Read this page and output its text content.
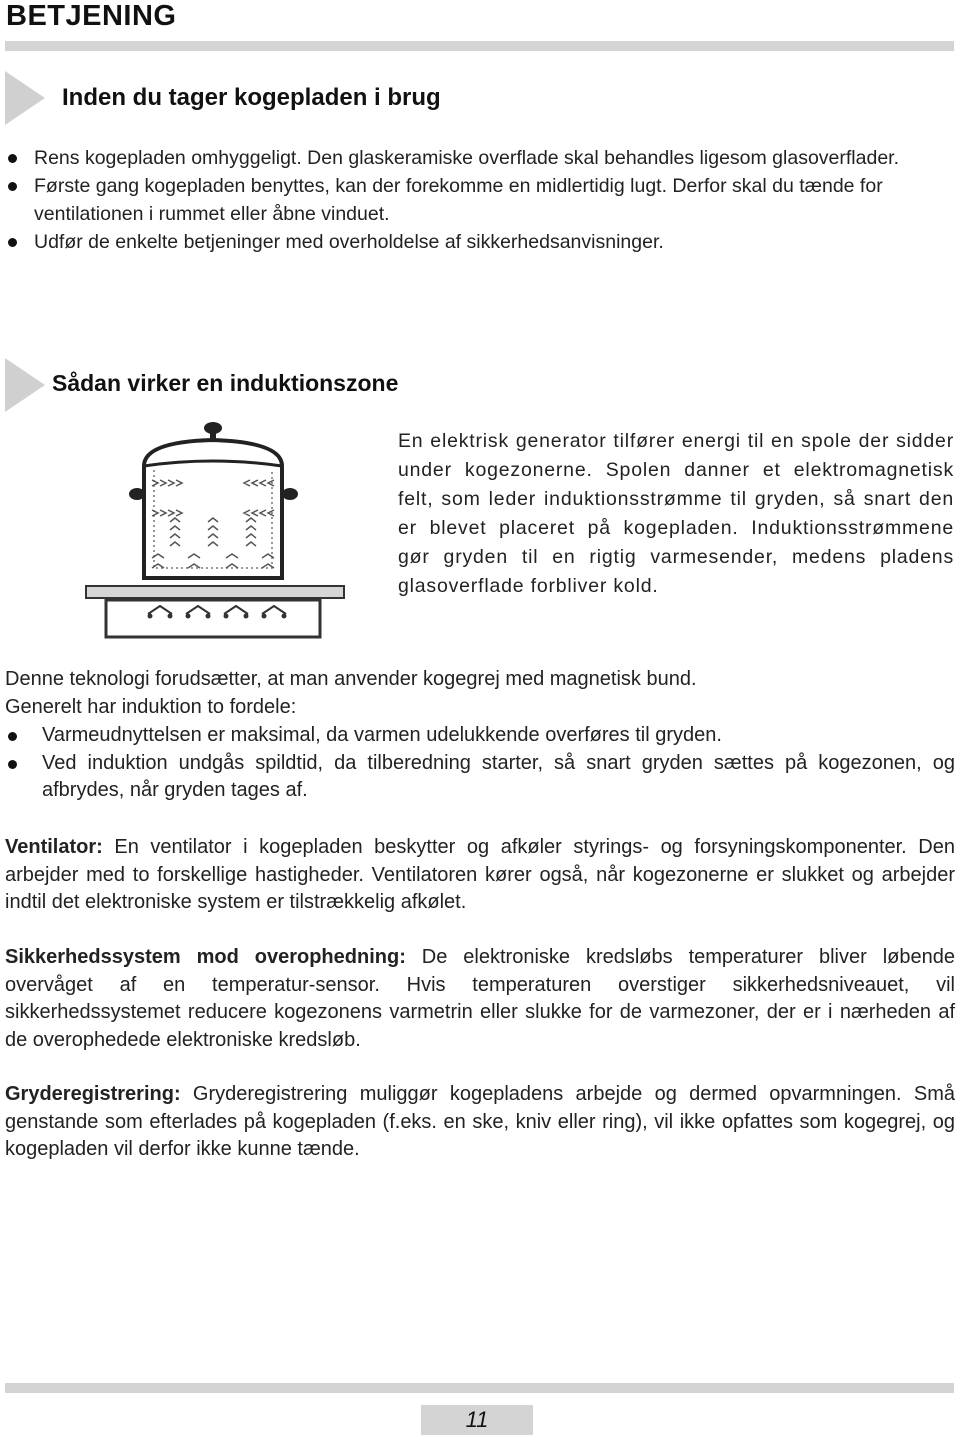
BETJENING
Inden du tager kogepladen i brug
Rens kogepladen omhyggeligt. Den glaskeramiske overflade skal behandles ligesom glasoverflader.
Første gang kogepladen benyttes, kan der forekomme en midlertidig lugt. Derfor skal du tænde for ventilationen i rummet eller åbne vinduet.
Udfør de enkelte betjeninger med overholdelse af sikkerhedsanvisninger.
Sådan virker en induktionszone
En elektrisk generator tilfører energi til en spole der sidder under kogezonerne. Spolen danner et elektromagnetisk felt, som leder induktionsstrømme til gryden, så snart den er blevet placeret på kogepladen. Induktionsstrømmene gør gryden til en rigtig varmesender, medens pladens glasoverflade forbliver kold.
Denne teknologi forudsætter, at man anvender kogegrej med magnetisk bund.
Generelt har induktion to fordele:
Varmeudnyttelsen er maksimal, da varmen udelukkende overføres til gryden.
Ved induktion undgås spildtid, da tilberedning starter, så snart gryden sættes på kogezonen, og afbrydes, når gryden tages af.
Ventilator: En ventilator i kogepladen beskytter og afkøler styrings- og forsyningskomponenter. Den arbejder med to forskellige hastigheder. Ventilatoren kører også, når kogezonerne er slukket og arbejder indtil det elektroniske system er tilstrækkelig afkølet.
Sikkerhedssystem mod overophedning: De elektroniske kredsløbs temperaturer bliver løbende overvåget af en temperatur-sensor. Hvis temperaturen overstiger sikkerhedsniveauet, vil sikkerhedssystemet reducere kogezonens varmetrin eller slukke for de varmezoner, der er i nærheden af de overophedede elektroniske kredsløb.
Gryderegistrering: Gryderegistrering muliggør kogepladens arbejde og dermed opvarmningen. Små genstande som efterlades på kogepladen (f.eks. en ske, kniv eller ring), vil ikke opfattes som kogegrej, og kogepladen vil derfor ikke kunne tænde.
11
